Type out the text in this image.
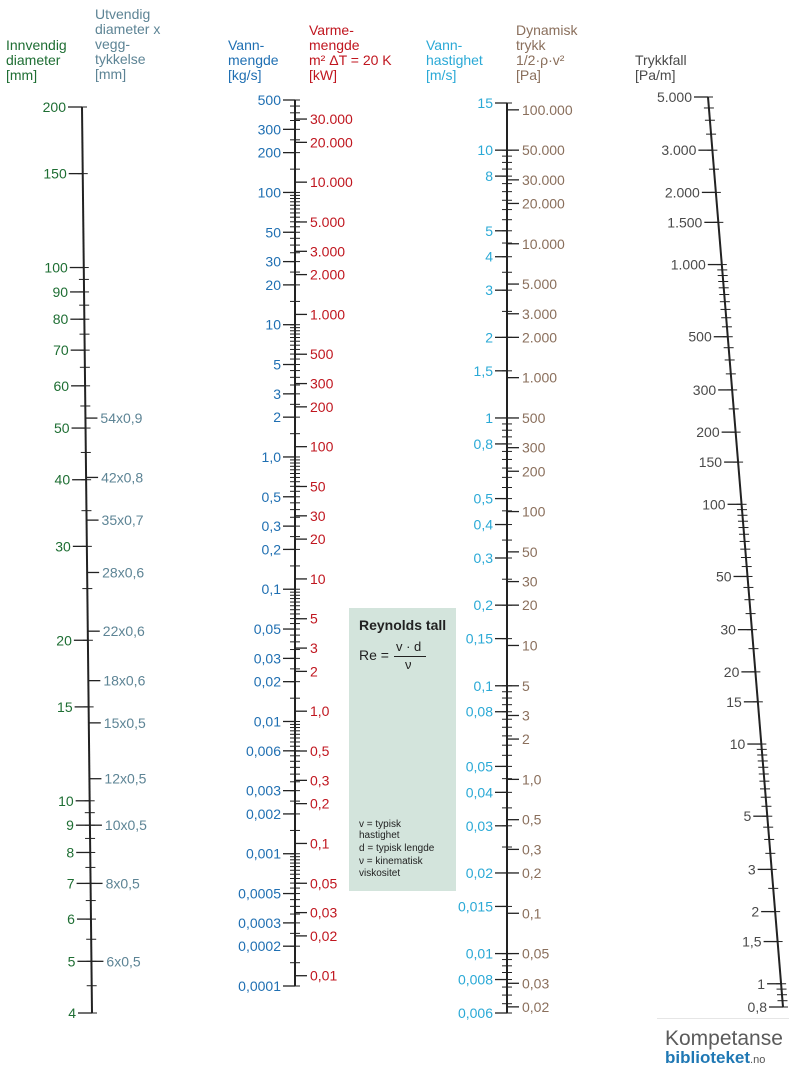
200
150
100
90
80
70
60
50
40
30
20
15
10
9
8
7
6
5
4
54x0,9
42x0,8
35x0,7
28x0,6
22x0,6
18x0,6
15x0,5
12x0,5
10x0,5
8x0,5
6x0,5
500
300
200
100
50
30
20
10
5
3
2
1,0
0,5
0,3
0,2
0,1
0,05
0,03
0,02
0,01
0,006
0,003
0,002
0,001
0,0005
0,0003
0,0002
0,0001
30.000
20.000
10.000
5.000
3.000
2.000
1.000
500
300
200
100
50
30
20
10
5
3
2
1,0
0,5
0,3
0,2
0,1
0,05
0,03
0,02
0,01
15
10
8
5
4
3
2
1,5
1
0,8
0,5
0,4
0,3
0,2
0,15
0,1
0,08
0,05
0,04
0,03
0,02
0,015
0,01
0,008
0,006
100.000
50.000
30.000
20.000
10.000
5.000
3.000
2.000
1.000
500
300
200
100
50
30
20
10
5
3
2
1,0
0,5
0,3
0,2
0,1
0,05
0,03
0,02
5.000
3.000
2.000
1.500
1.000
500
300
200
150
100
50
30
20
15
10
5
3
2
1,5
1
0,8
Innvendig
diameter
[mm]
Utvendig
diameter x
vegg-
tykkelse
[mm]
Vann-
mengde
[kg/s]
Varme-
mengde
m² ΔT = 20 K
[kW]
Vann-
hastighet
[m/s]
Dynamisk
trykk
1/2·ρ·v²
[Pa]
Trykkfall
[Pa/m]
Reynolds tall
Re =
v · d
ν
v = typisk
hastighet
d = typisk lengde
ν = kinematisk
viskositet
Kompetanse
biblioteket.no
